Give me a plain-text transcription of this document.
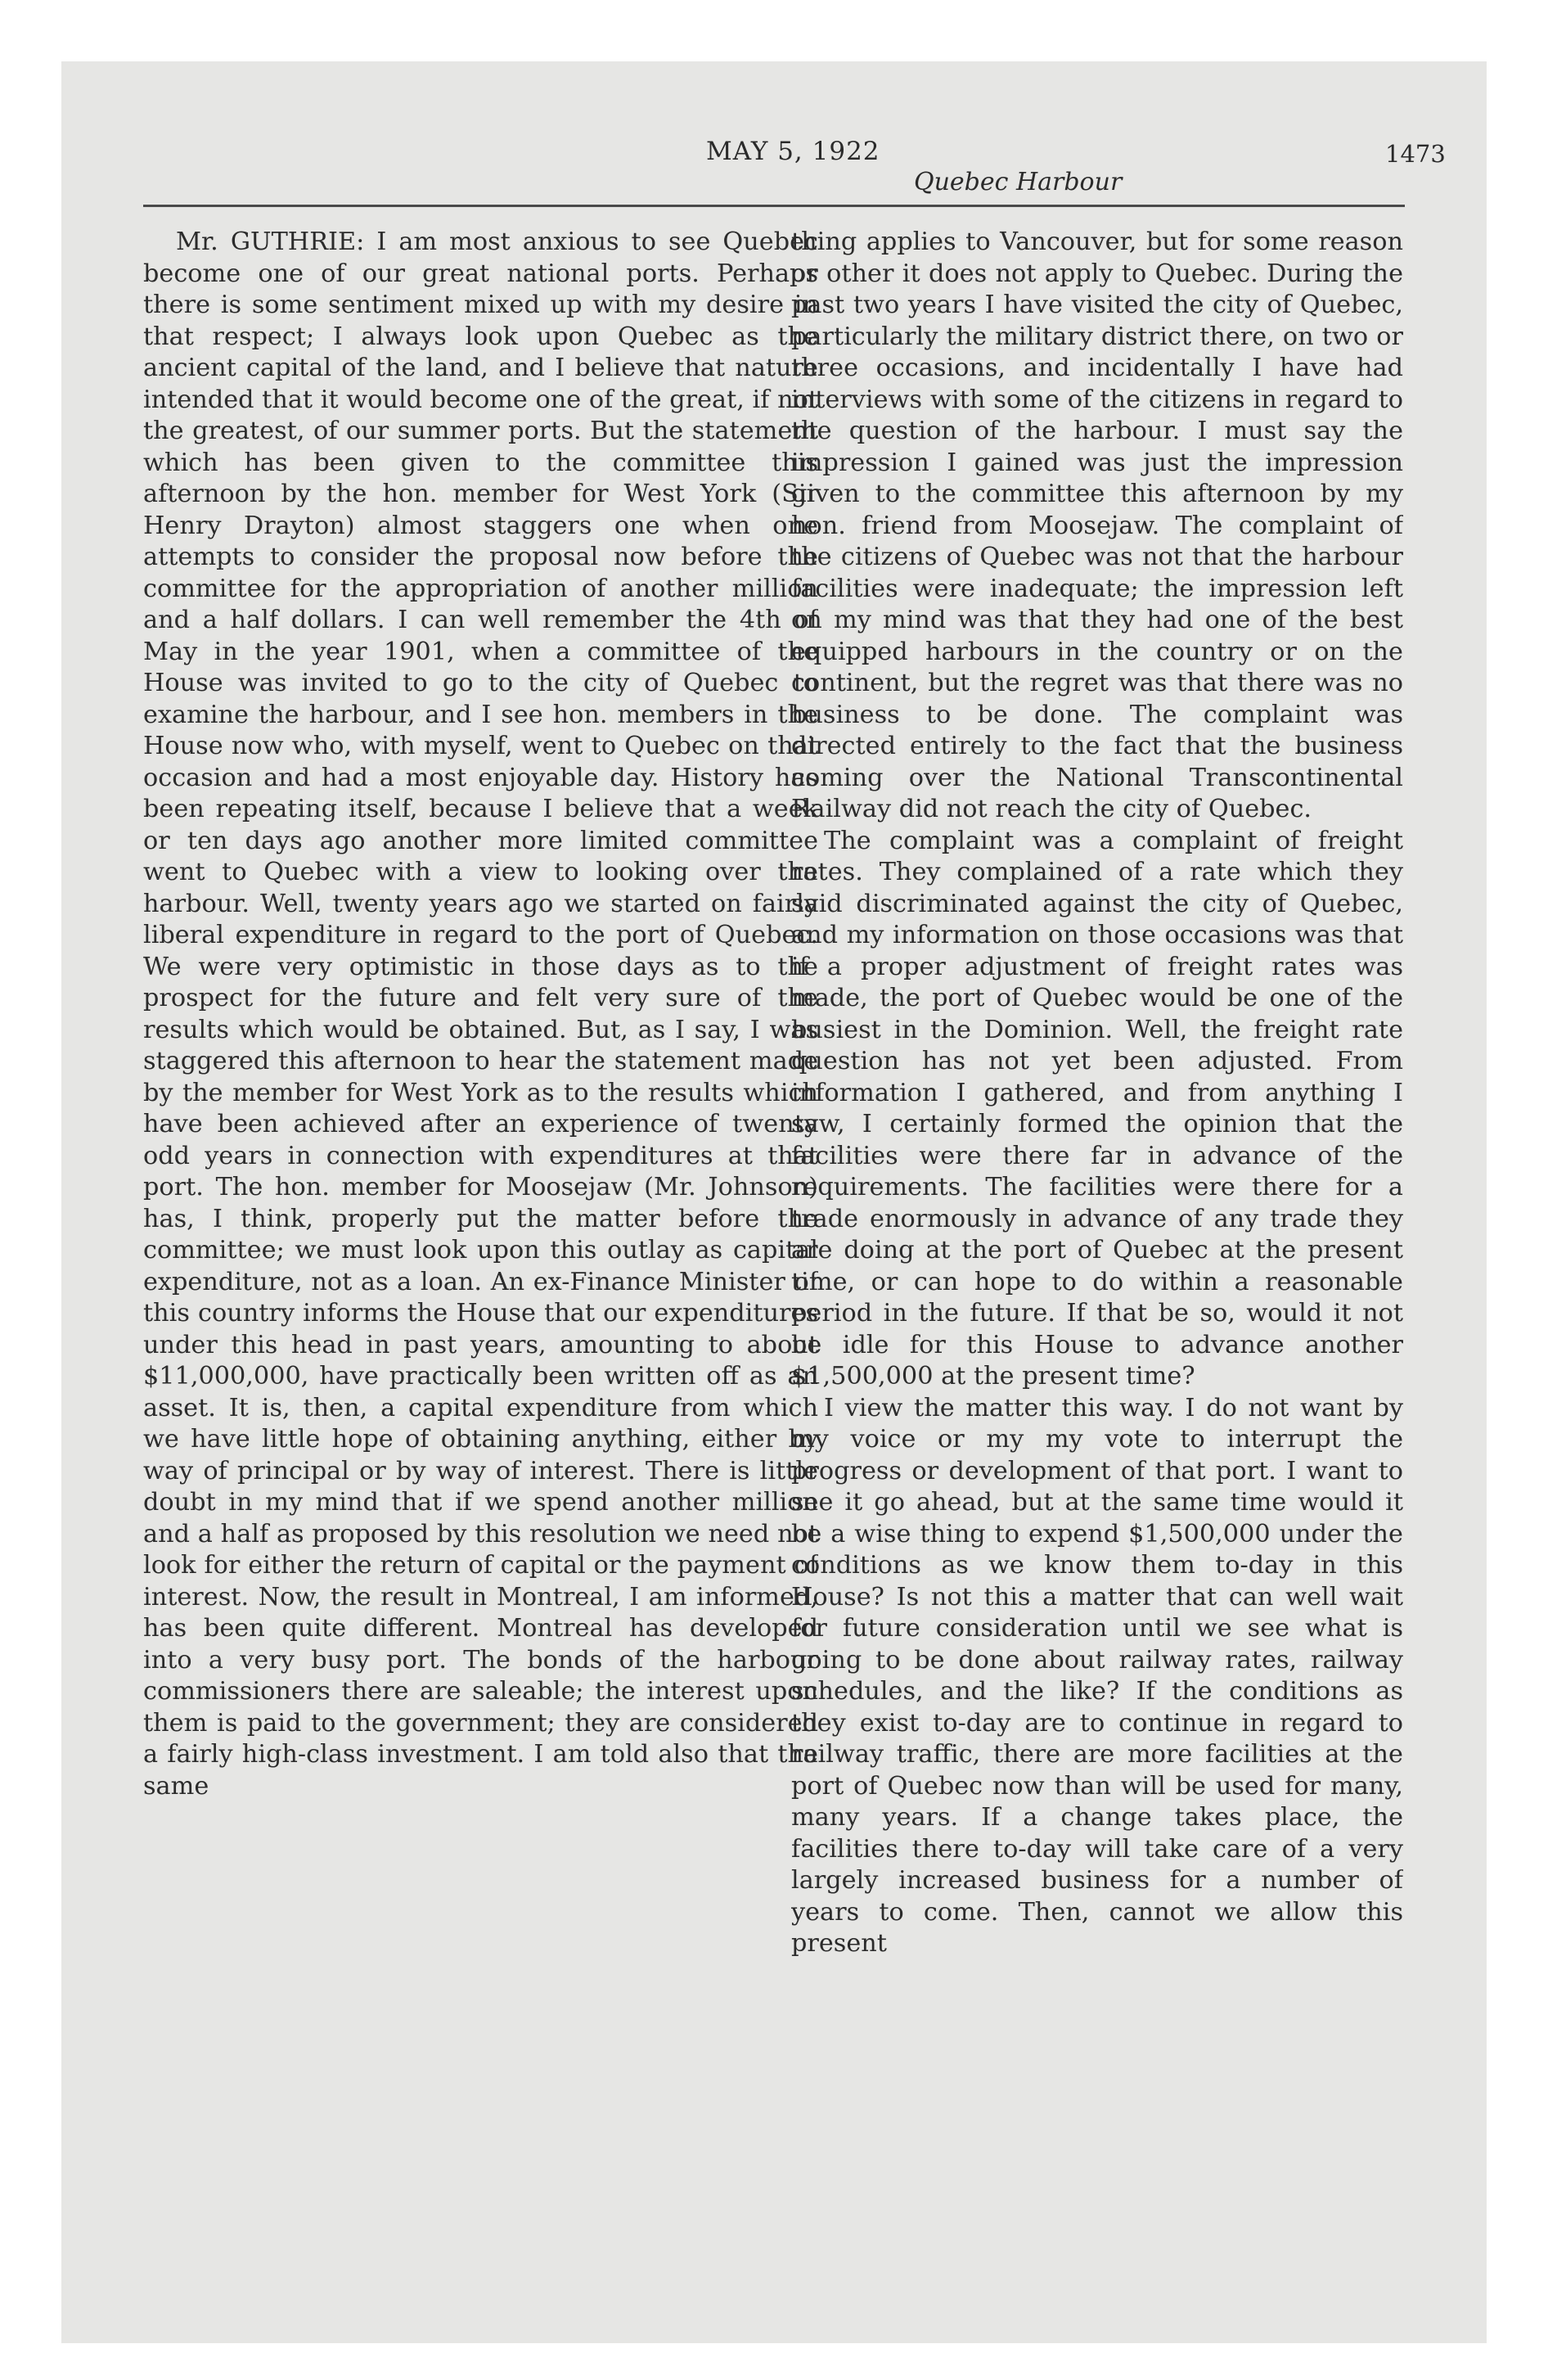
MAY 5, 1922
Quebec Harbour
1473

Mr. GUTHRIE: I am most anxious to see Quebec become one of our great national ports. Perhaps there is some sentiment mixed up with my desire in that respect; I always look upon Quebec as the ancient capital of the land, and I believe that nature intended that it would become one of the great, if not the greatest, of our summer ports. But the statement which has been given to the committee this afternoon by the hon. member for West York (Sir Henry Drayton) almost staggers one when one attempts to consider the proposal now before the committee for the appropriation of another million and a half dollars. I can well remember the 4th of May in the year 1901, when a committee of the House was invited to go to the city of Quebec to examine the harbour, and I see hon. members in the House now who, with myself, went to Quebec on that occasion and had a most enjoyable day. History has been repeating itself, because I believe that a week or ten days ago another more limited committee went to Quebec with a view to looking over the harbour. Well, twenty years ago we started on fairly liberal expenditure in regard to the port of Quebec. We were very optimistic in those days as to the prospect for the future and felt very sure of the results which would be obtained. But, as I say, I was staggered this afternoon to hear the statement made by the member for West York as to the results which have been achieved after an experience of twenty odd years in connection with expenditures at that port. The hon. member for Moosejaw (Mr. Johnson) has, I think, properly put the matter before the committee; we must look upon this outlay as capital expenditure, not as a loan. An ex-Finance Minister of this country informs the House that our expenditures under this head in past years, amounting to about $11,000,000, have practically been written off as an asset. It is, then, a capital expenditure from which we have little hope of obtaining anything, either by way of principal or by way of interest. There is little doubt in my mind that if we spend another million and a half as proposed by this resolution we need not look for either the return of capital or the payment of interest. Now, the result in Montreal, I am informed, has been quite different. Montreal has developed into a very busy port. The bonds of the harbour commissioners there are saleable; the interest upon them is paid to the government; they are considered a fairly high-class investment. I am told also that the same

thing applies to Vancouver, but for some reason or other it does not apply to Quebec. During the past two years I have visited the city of Quebec, particularly the military district there, on two or three occasions, and incidentally I have had interviews with some of the citizens in regard to the question of the harbour. I must say the impression I gained was just the impression given to the committee this afternoon by my hon. friend from Moosejaw. The complaint of the citizens of Quebec was not that the harbour facilities were inadequate; the impression left on my mind was that they had one of the best equipped harbours in the country or on the continent, but the regret was that there was no business to be done. The complaint was directed entirely to the fact that the business coming over the National Transcontinental Railway did not reach the city of Quebec.

The complaint was a complaint of freight rates. They complained of a rate which they said discriminated against the city of Quebec, and my information on those occasions was that if a proper adjustment of freight rates was made, the port of Quebec would be one of the busiest in the Dominion. Well, the freight rate question has not yet been adjusted. From information I gathered, and from anything I saw, I certainly formed the opinion that the facilities were there far in advance of the requirements. The facilities were there for a trade enormously in advance of any trade they are doing at the port of Quebec at the present time, or can hope to do within a reasonable period in the future. If that be so, would it not be idle for this House to advance another $1,500,000 at the present time?

I view the matter this way. I do not want by my voice or my my vote to interrupt the progress or development of that port. I want to see it go ahead, but at the same time would it be a wise thing to expend $1,500,000 under the conditions as we know them to-day in this House? Is not this a matter that can well wait for future consideration until we see what is going to be done about railway rates, railway schedules, and the like? If the conditions as they exist to-day are to continue in regard to railway traffic, there are more facilities at the port of Quebec now than will be used for many, many years. If a change takes place, the facilities there to-day will take care of a very largely increased business for a number of years to come. Then, cannot we allow this present
